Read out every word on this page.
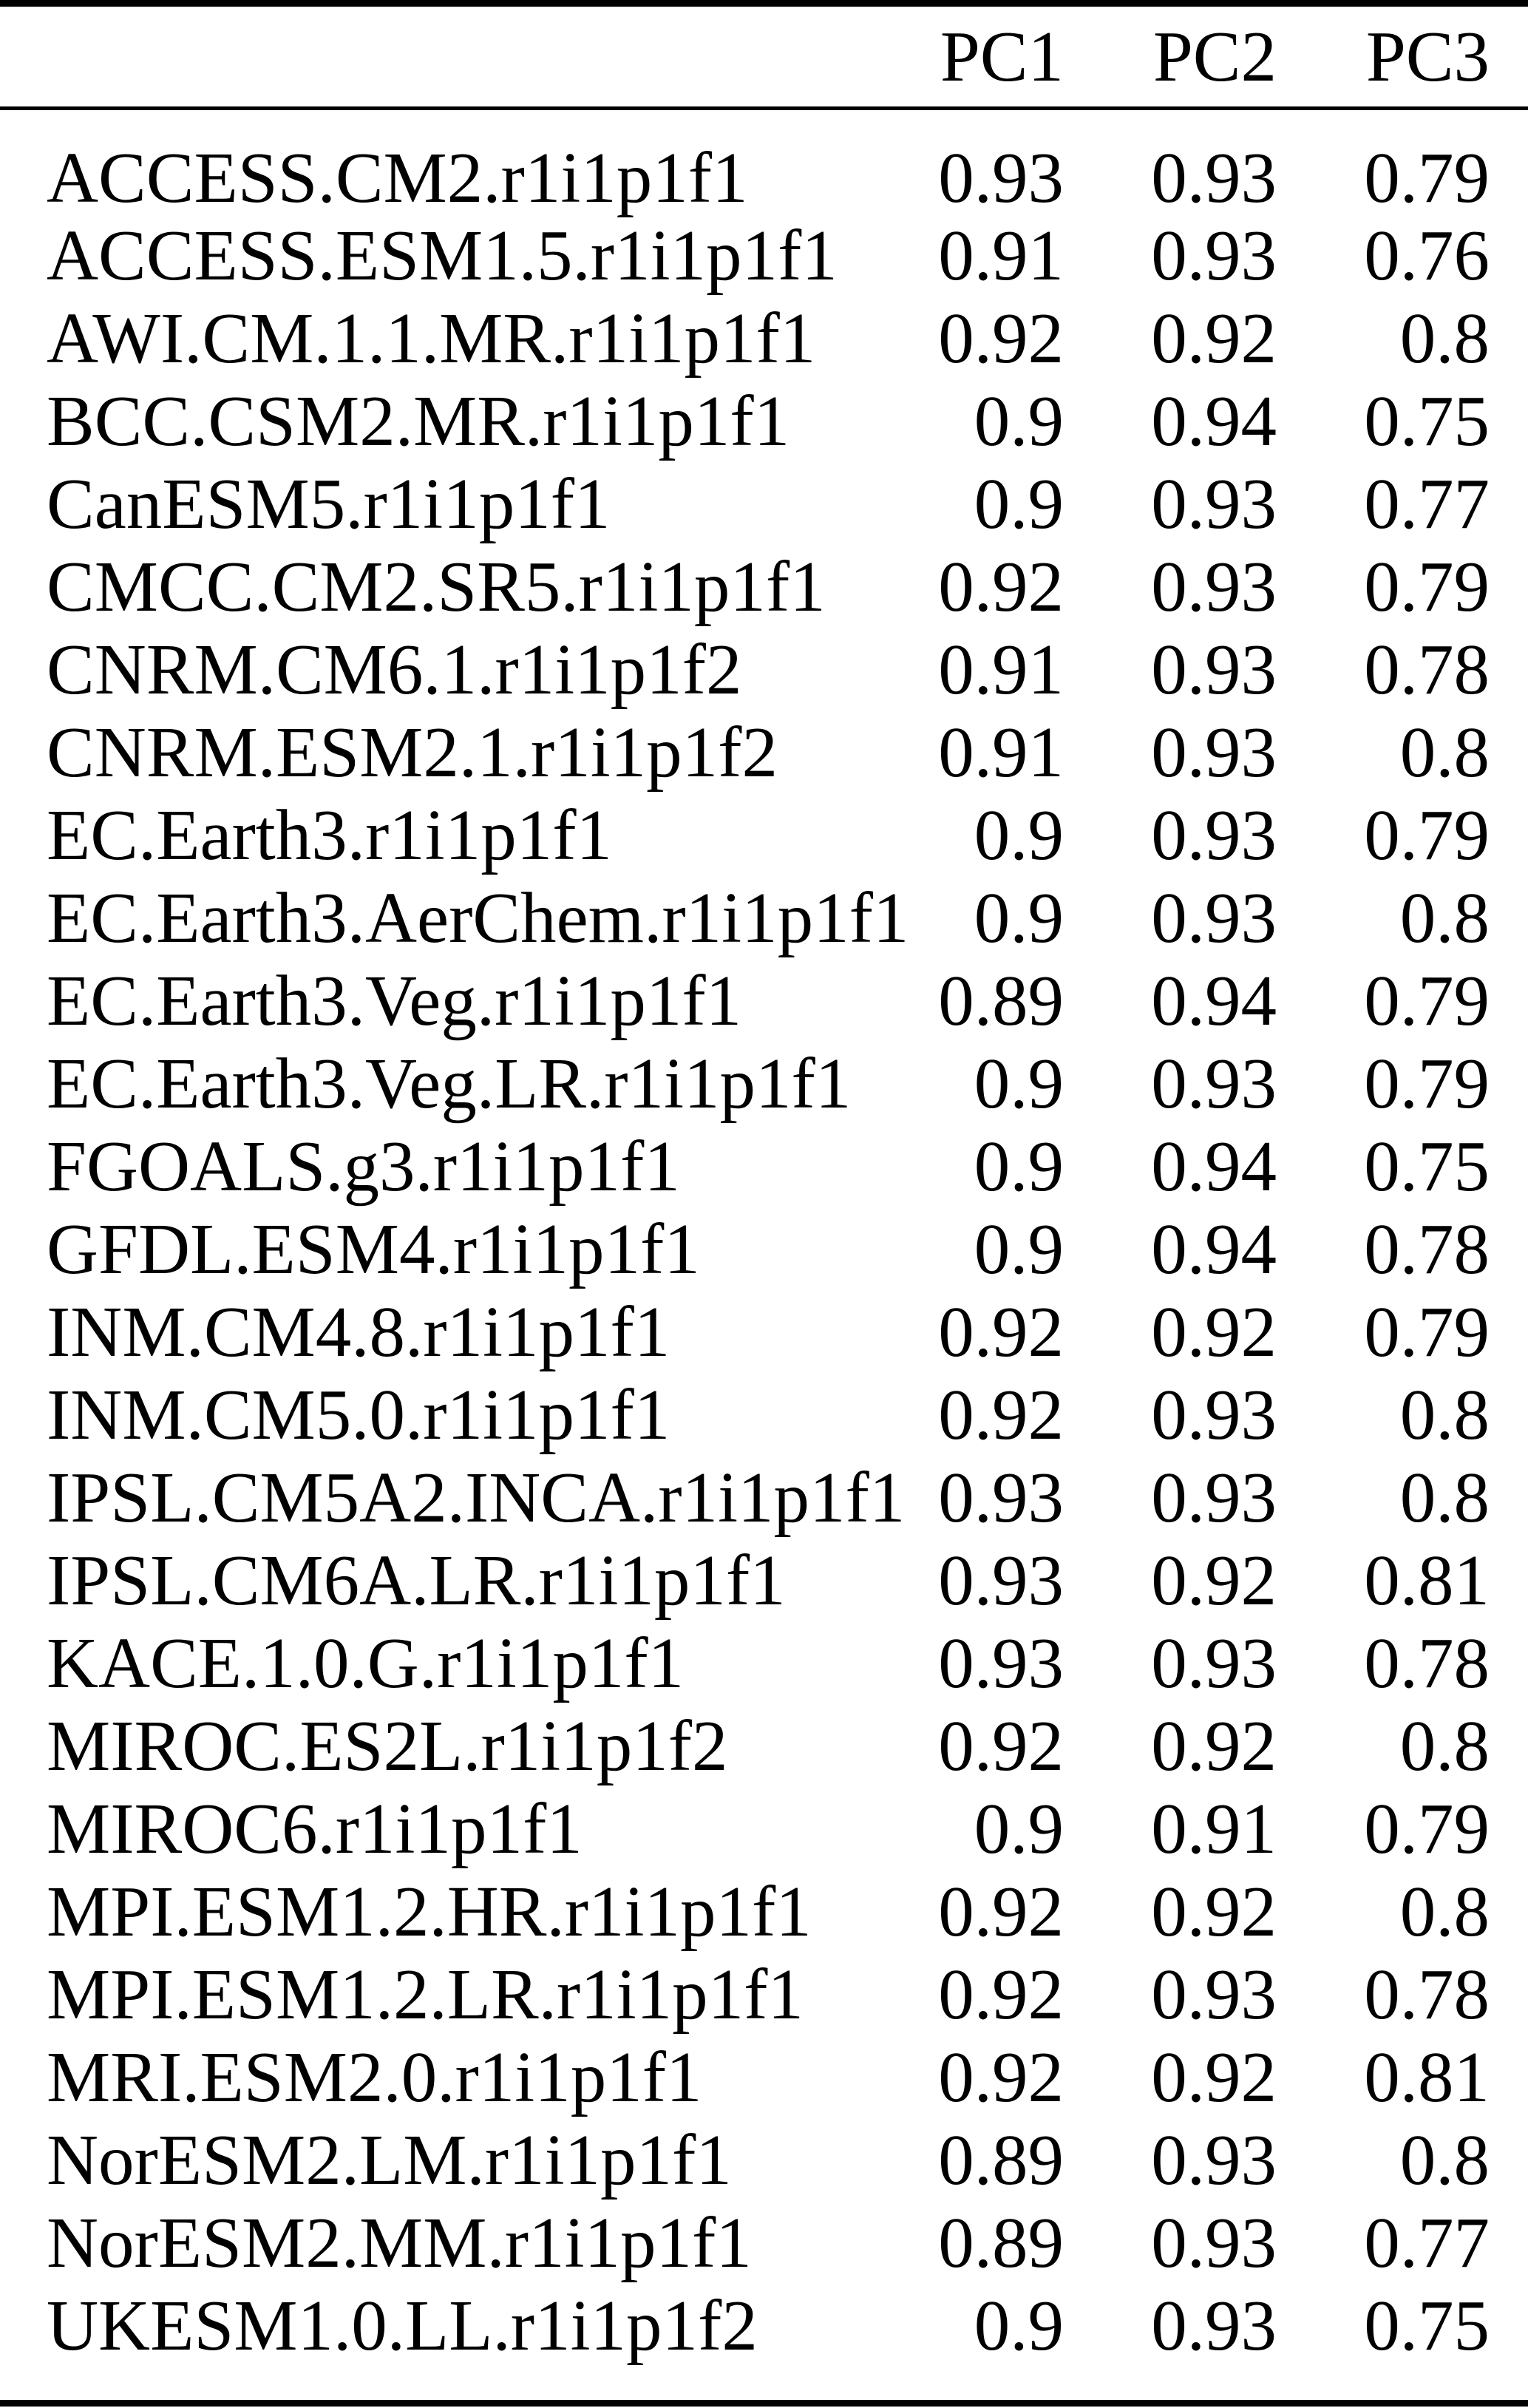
	PC1	PC2	PC3
ACCESS.CM2.r1i1p1f1	0.93	0.93	0.79
ACCESS.ESM1.5.r1i1p1f1	0.91	0.93	0.76
AWI.CM.1.1.MR.r1i1p1f1	0.92	0.92	0.8
BCC.CSM2.MR.r1i1p1f1	0.9	0.94	0.75
CanESM5.r1i1p1f1	0.9	0.93	0.77
CMCC.CM2.SR5.r1i1p1f1	0.92	0.93	0.79
CNRM.CM6.1.r1i1p1f2	0.91	0.93	0.78
CNRM.ESM2.1.r1i1p1f2	0.91	0.93	0.8
EC.Earth3.r1i1p1f1	0.9	0.93	0.79
EC.Earth3.AerChem.r1i1p1f1	0.9	0.93	0.8
EC.Earth3.Veg.r1i1p1f1	0.89	0.94	0.79
EC.Earth3.Veg.LR.r1i1p1f1	0.9	0.93	0.79
FGOALS.g3.r1i1p1f1	0.9	0.94	0.75
GFDL.ESM4.r1i1p1f1	0.9	0.94	0.78
INM.CM4.8.r1i1p1f1	0.92	0.92	0.79
INM.CM5.0.r1i1p1f1	0.92	0.93	0.8
IPSL.CM5A2.INCA.r1i1p1f1	0.93	0.93	0.8
IPSL.CM6A.LR.r1i1p1f1	0.93	0.92	0.81
KACE.1.0.G.r1i1p1f1	0.93	0.93	0.78
MIROC.ES2L.r1i1p1f2	0.92	0.92	0.8
MIROC6.r1i1p1f1	0.9	0.91	0.79
MPI.ESM1.2.HR.r1i1p1f1	0.92	0.92	0.8
MPI.ESM1.2.LR.r1i1p1f1	0.92	0.93	0.78
MRI.ESM2.0.r1i1p1f1	0.92	0.92	0.81
NorESM2.LM.r1i1p1f1	0.89	0.93	0.8
NorESM2.MM.r1i1p1f1	0.89	0.93	0.77
UKESM1.0.LL.r1i1p1f2	0.9	0.93	0.75
